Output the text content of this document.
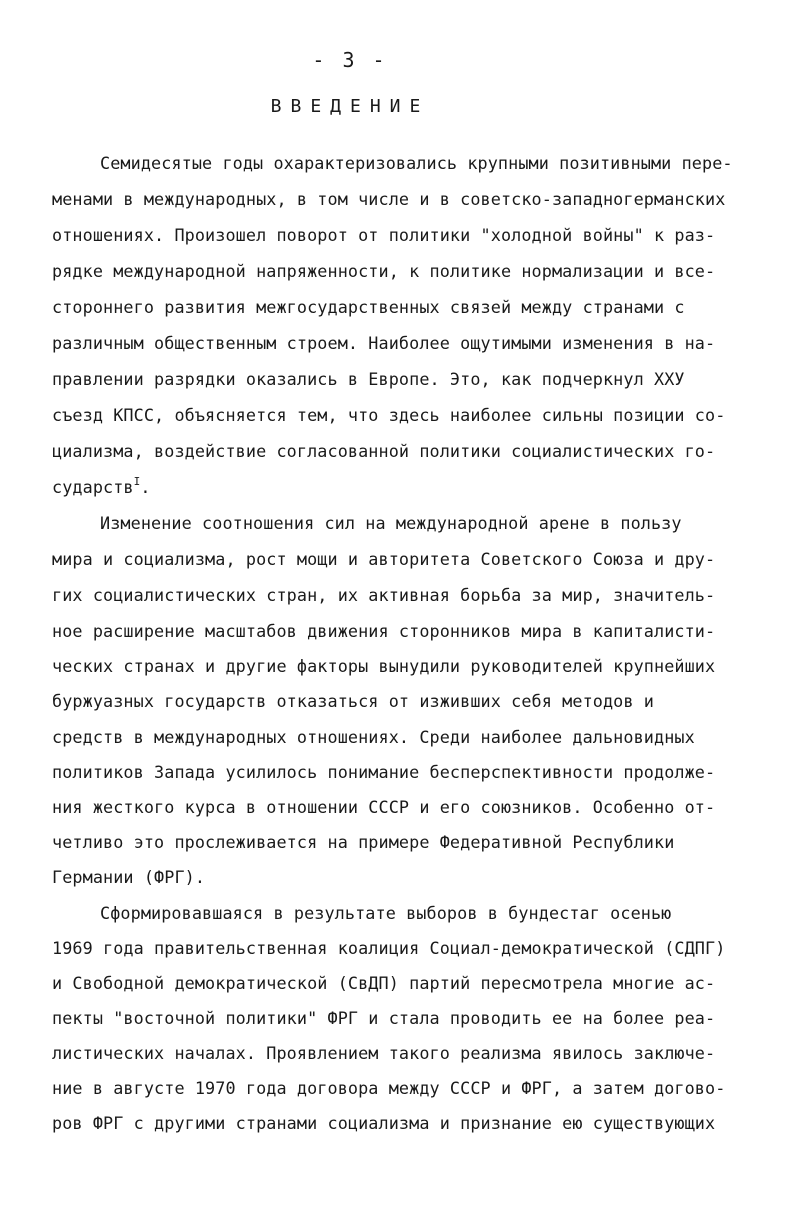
- 3 -
ВВЕДЕНИЕ
Семидесятые годы охарактеризовались крупными позитивными пере-
менами в международных, в том числе и в советско-западногерманских
отношениях. Произошел поворот от политики "холодной войны" к раз-
рядке международной напряженности, к политике нормализации и все-
стороннего развития межгосударственных связей между странами с
различным общественным строем. Наиболее ощутимыми изменения в на-
правлении разрядки оказались в Европе. Это, как подчеркнул XXУ
съезд КПСС, объясняется тем, что здесь наиболее сильны позиции со-
циализма, воздействие согласованной политики социалистических го-
сударств$^I$.
Изменение соотношения сил на международной арене в пользу
мира и социализма, рост мощи и авторитета Советского Союза и дру-
гих социалистических стран, их активная борьба за мир, значитель-
ное расширение масштабов движения сторонников мира в капиталисти-
ческих странах и другие факторы вынудили руководителей крупнейших
буржуазных государств отказаться от изживших себя методов и
средств в международных отношениях. Среди наиболее дальновидных
политиков Запада усилилось понимание бесперспективности продолже-
ния жесткого курса в отношении СССР и его союзников. Особенно от-
четливо это прослеживается на примере Федеративной Республики
Германии (ФРГ).
Сформировавшаяся в результате выборов в бундестаг осенью
1969 года правительственная коалиция Социал-демократической (СДПГ)
и Свободной демократической (СвДП) партий пересмотрела многие ас-
пекты "восточной политики" ФРГ и стала проводить ее на более реа-
листических началах. Проявлением такого реализма явилось заключе-
ние в августе 1970 года договора между СССР и ФРГ, а затем догово-
ров ФРГ с другими странами социализма и признание ею существующих
